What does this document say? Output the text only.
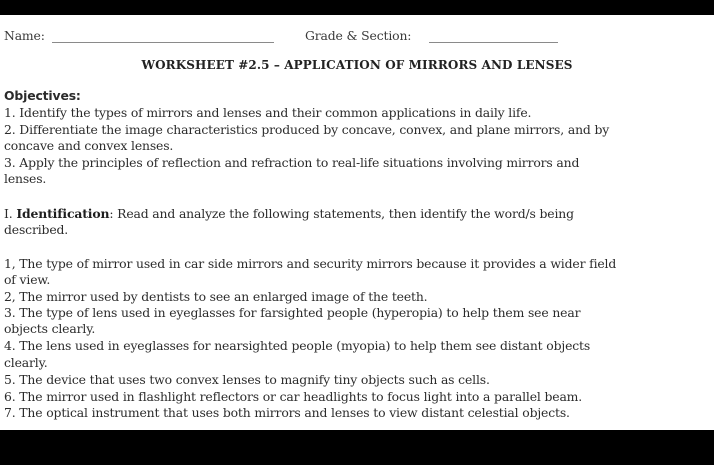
Name:	Grade & Section:
WORKSHEET #2.5 – APPLICATION OF MIRRORS AND LENSES
Objectives:
1. Identify the types of mirrors and lenses and their common applications in daily life.
2. Differentiate the image characteristics produced by concave, convex, and plane mirrors, and by
concave and convex lenses.
3. Apply the principles of reflection and refraction to real-life situations involving mirrors and
lenses.
I. Identification: Read and analyze the following statements, then identify the word/s being
described.
1, The type of mirror used in car side mirrors and security mirrors because it provides a wider field
of view.
2, The mirror used by dentists to see an enlarged image of the teeth.
3. The type of lens used in eyeglasses for farsighted people (hyperopia) to help them see near
objects clearly.
4. The lens used in eyeglasses for nearsighted people (myopia) to help them see distant objects
clearly.
5. The device that uses two convex lenses to magnify tiny objects such as cells.
6. The mirror used in flashlight reflectors or car headlights to focus light into a parallel beam.
7. The optical instrument that uses both mirrors and lenses to view distant celestial objects.
